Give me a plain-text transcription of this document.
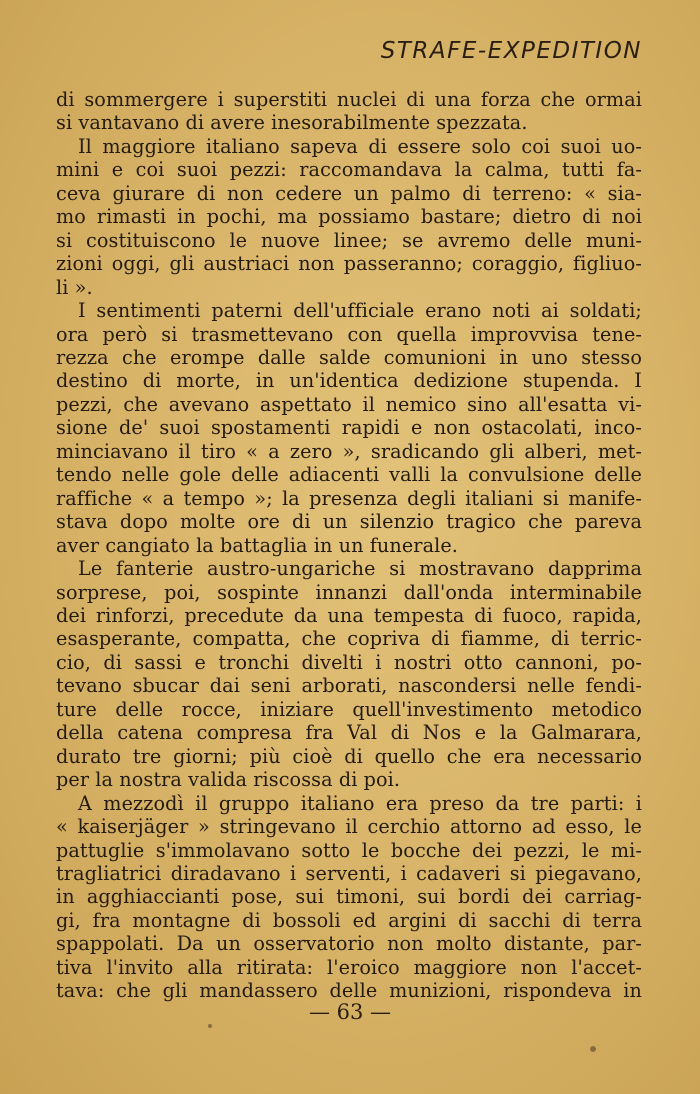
STRAFE-EXPEDITION
di sommergere i superstiti nuclei di una forza che ormai
si vantavano di avere inesorabilmente spezzata.
Il maggiore italiano sapeva di essere solo coi suoi uo-
mini e coi suoi pezzi: raccomandava la calma, tutti fa-
ceva giurare di non cedere un palmo di terreno: « sia-
mo rimasti in pochi, ma possiamo bastare; dietro di noi
si costituiscono le nuove linee; se avremo delle muni-
zioni oggi, gli austriaci non passeranno; coraggio, figliuo-
li ».
I sentimenti paterni dell'ufficiale erano noti ai soldati;
ora però si trasmettevano con quella improvvisa tene-
rezza che erompe dalle salde comunioni in uno stesso
destino di morte, in un'identica dedizione stupenda. I
pezzi, che avevano aspettato il nemico sino all'esatta vi-
sione de' suoi spostamenti rapidi e non ostacolati, inco-
minciavano il tiro « a zero », sradicando gli alberi, met-
tendo nelle gole delle adiacenti valli la convulsione delle
raffiche « a tempo »; la presenza degli italiani si manife-
stava dopo molte ore di un silenzio tragico che pareva
aver cangiato la battaglia in un funerale.
Le fanterie austro-ungariche si mostravano dapprima
sorprese, poi, sospinte innanzi dall'onda interminabile
dei rinforzi, precedute da una tempesta di fuoco, rapida,
esasperante, compatta, che copriva di fiamme, di terric-
cio, di sassi e tronchi divelti i nostri otto cannoni, po-
tevano sbucar dai seni arborati, nascondersi nelle fendi-
ture delle rocce, iniziare quell'investimento metodico
della catena compresa fra Val di Nos e la Galmarara,
durato tre giorni; più cioè di quello che era necessario
per la nostra valida riscossa di poi.
A mezzodì il gruppo italiano era preso da tre parti: i
« kaiserjäger » stringevano il cerchio attorno ad esso, le
pattuglie s'immolavano sotto le bocche dei pezzi, le mi-
tragliatrici diradavano i serventi, i cadaveri si piegavano,
in agghiaccianti pose, sui timoni, sui bordi dei carriag-
gi, fra montagne di bossoli ed argini di sacchi di terra
spappolati. Da un osservatorio non molto distante, par-
tiva l'invito alla ritirata: l'eroico maggiore non l'accet-
tava: che gli mandassero delle munizioni, rispondeva in
— 63 —
